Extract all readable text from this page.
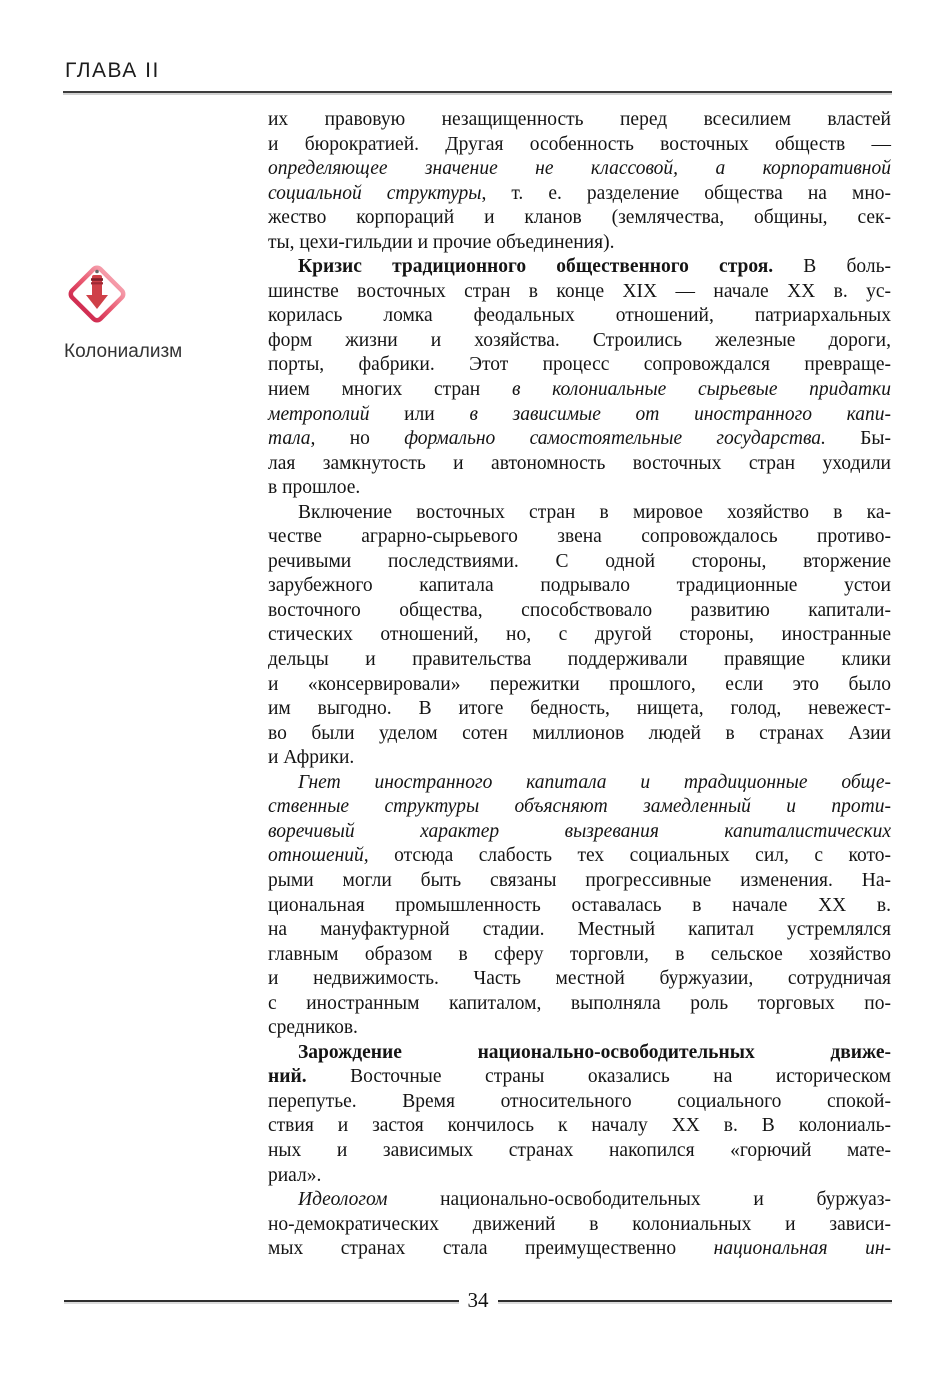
ГЛАВА II
Колониализм
их правовую незащищенность перед всесилием властей
и бюрократией. Другая особенность восточных обществ —
определяющее значение не классовой, а корпоративной
социальной структуры, т. е. разделение общества на мно-
жество корпораций и кланов (землячества, общины, сек-
ты, цехи-гильдии и прочие объединения).
Кризис традиционного общественного строя. В боль-
шинстве восточных стран в конце XIX — начале XX в. ус-
корилась ломка феодальных отношений, патриархальных
форм жизни и хозяйства. Строились железные дороги,
порты, фабрики. Этот процесс сопровождался превраще-
нием многих стран в колониальные сырьевые придатки
метрополий или в зависимые от иностранного капи-
тала, но формально самостоятельные государства. Бы-
лая замкнутость и автономность восточных стран уходили
в прошлое.
Включение восточных стран в мировое хозяйство в ка-
честве аграрно-сырьевого звена сопровождалось противо-
речивыми последствиями. С одной стороны, вторжение
зарубежного капитала подрывало традиционные устои
восточного общества, способствовало развитию капитали-
стических отношений, но, с другой стороны, иностранные
дельцы и правительства поддерживали правящие клики
и «консервировали» пережитки прошлого, если это было
им выгодно. В итоге бедность, нищета, голод, невежест-
во были уделом сотен миллионов людей в странах Азии
и Африки.
Гнет иностранного капитала и традиционные обще-
ственные структуры объясняют замедленный и проти-
воречивый характер вызревания капиталистических
отношений, отсюда слабость тех социальных сил, с кото-
рыми могли быть связаны прогрессивные изменения. На-
циональная промышленность оставалась в начале XX в.
на мануфактурной стадии. Местный капитал устремлялся
главным образом в сферу торговли, в сельское хозяйство
и недвижимость. Часть местной буржуазии, сотрудничая
с иностранным капиталом, выполняла роль торговых по-
средников.
Зарождение национально-освободительных движе-
ний. Восточные страны оказались на историческом
перепутье. Время относительного социального спокой-
ствия и застоя кончилось к началу XX в. В колониаль-
ных и зависимых странах накопился «горючий мате-
риал».
Идеологом национально-освободительных и буржуаз-
но-демократических движений в колониальных и зависи-
мых странах стала преимущественно национальная ин-
34
